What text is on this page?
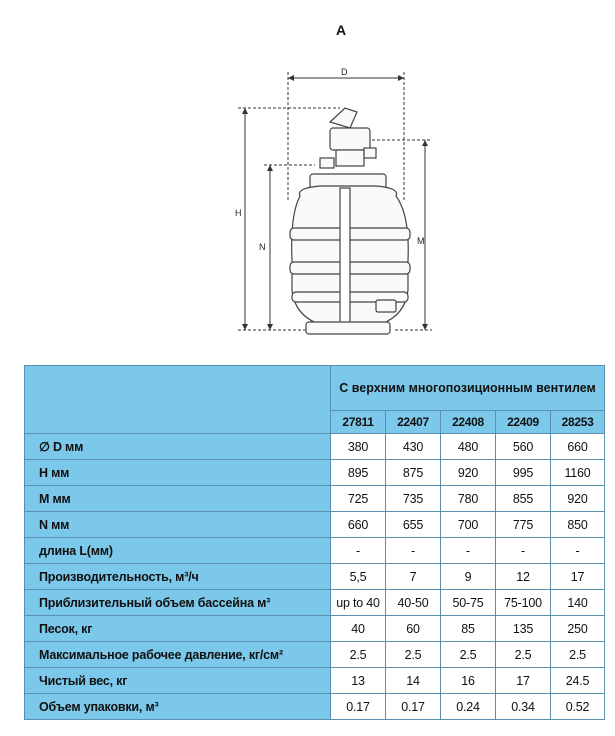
A
D
H
N
M
	С верхним многопозиционным вентилем				
	27811	22407	22408	22409	28253
∅ D мм	380	430	480	560	660
H мм	895	875	920	995	1160
M мм	725	735	780	855	920
N мм	660	655	700	775	850
длина L(мм)	-	-	-	-	-
Производительность, м³/ч	5,5	7	9	12	17
Приблизительный объем бассейна м³	up to 40	40-50	50-75	75-100	140
Песок, кг	40	60	85	135	250
Максимальное рабочее давление, кг/см²	2.5	2.5	2.5	2.5	2.5
Чистый вес, кг	13	14	16	17	24.5
Объем упаковки, м³	0.17	0.17	0.24	0.34	0.52
